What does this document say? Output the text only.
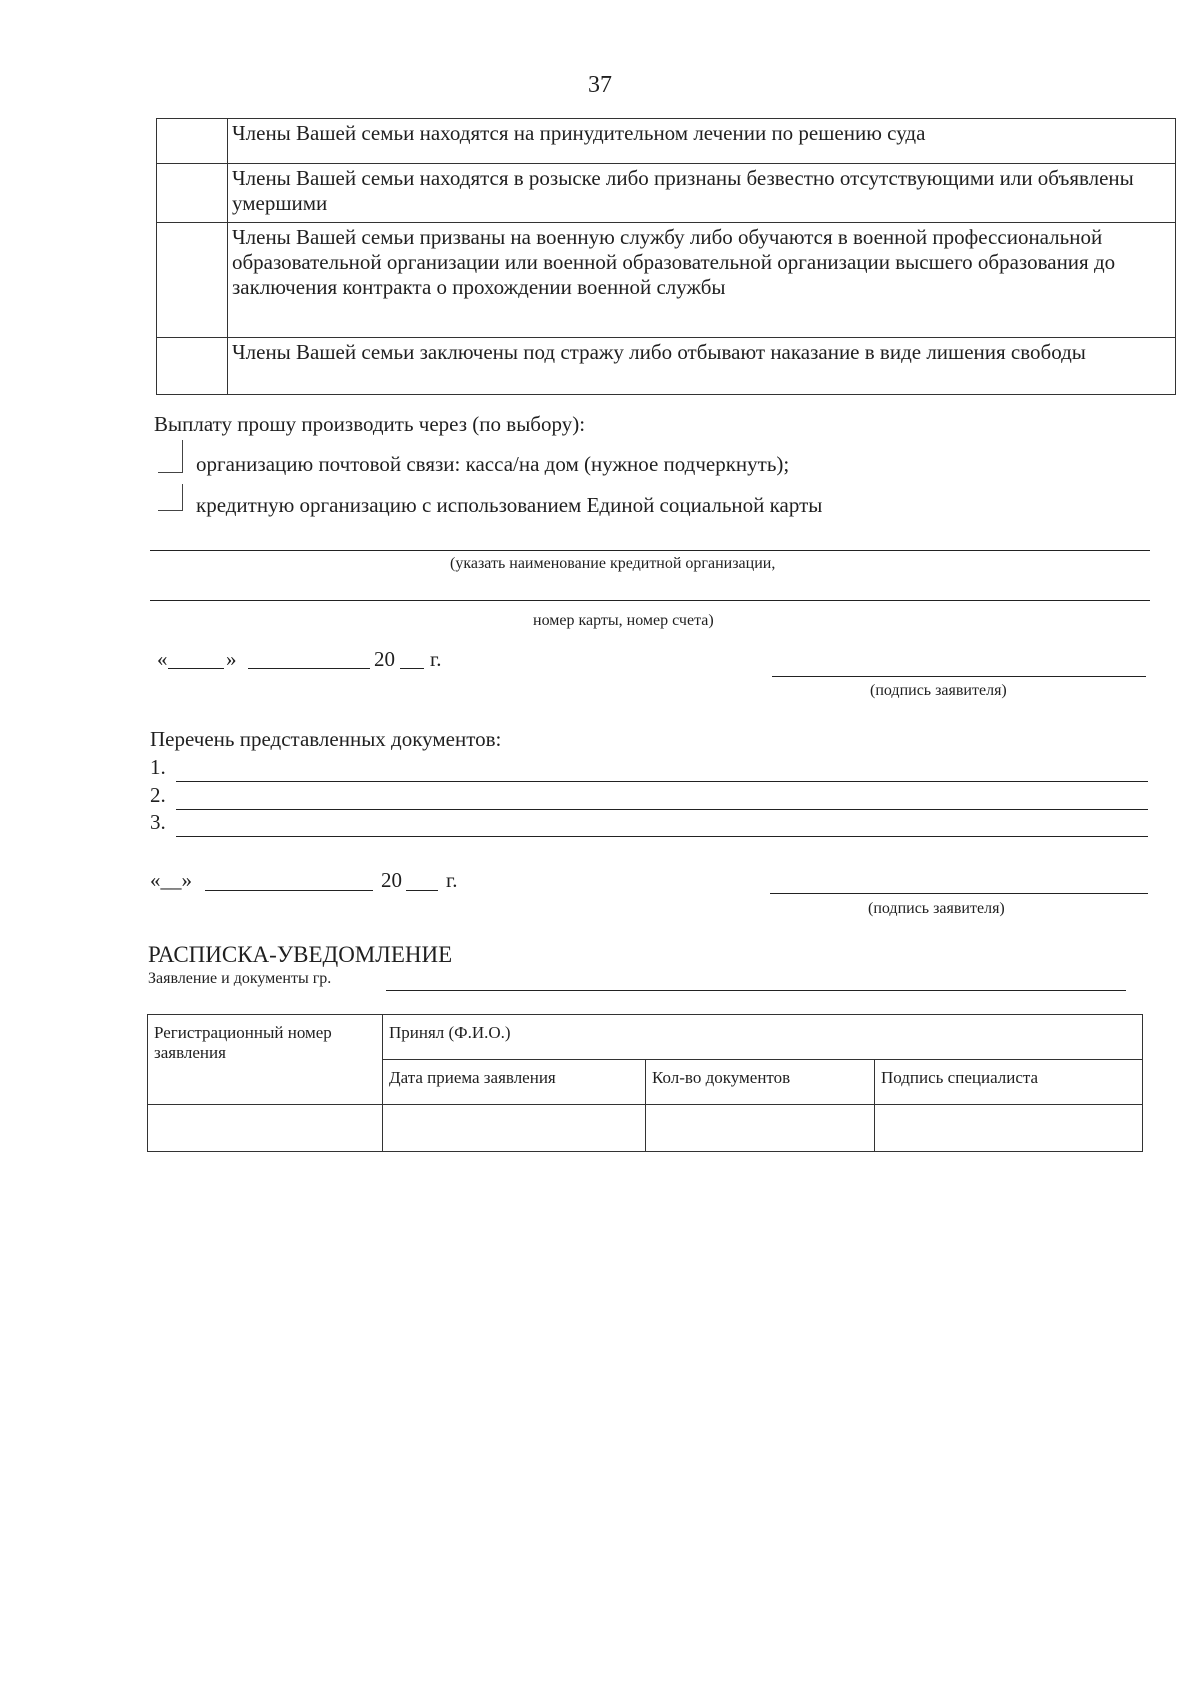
37
	Члены Вашей семьи находятся на принудительном лечении по решению суда
	Члены Вашей семьи находятся в розыске либо признаны безвестно отсутствующими или объявлены умершими
	Члены Вашей семьи призваны на военную службу либо обучаются в военной профессиональной образовательной организации или военной образовательной организации высшего образования до заключения контракта о прохождении военной службы
	Члены Вашей семьи заключены под стражу либо отбывают наказание в виде лишения свободы
Выплату прошу производить через (по выбору):
организацию почтовой связи: касса/на дом (нужное подчеркнуть);
кредитную организацию с использованием Единой социальной карты
(указать наименование кредитной организации,
номер карты, номер счета)
«	»	20 г.
(подпись заявителя)
Перечень представленных документов:
1.
2.
3.
«__»	20 г.
(подпись заявителя)
РАСПИСКА-УВЕДОМЛЕНИЕ
Заявление и документы гр.
Регистрационный номер заявления	Принял (Ф.И.О.)		
	Дата приема заявления	Кол-во документов	Подпись специалиста
